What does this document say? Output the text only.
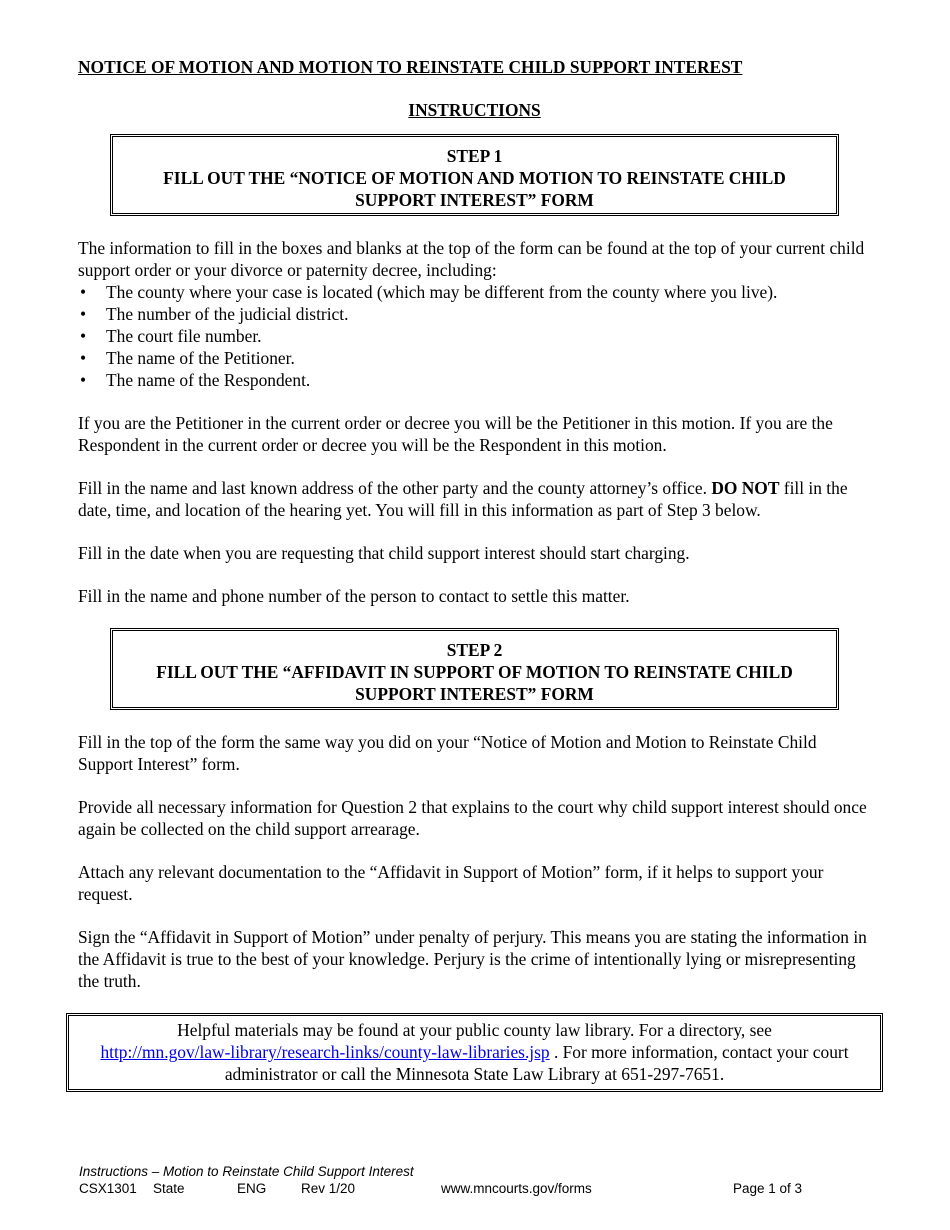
NOTICE OF MOTION AND MOTION TO REINSTATE CHILD SUPPORT INTEREST

INSTRUCTIONS

STEP 1
FILL OUT THE “NOTICE OF MOTION AND MOTION TO REINSTATE CHILD
SUPPORT INTEREST” FORM

The information to fill in the boxes and blanks at the top of the form can be found at the top of your current child support order or your divorce or paternity decree, including:

• The county where your case is located (which may be different from the county where you live).
• The number of the judicial district.
• The court file number.
• The name of the Petitioner.
• The name of the Respondent.

If you are the Petitioner in the current order or decree you will be the Petitioner in this motion. If you are the Respondent in the current order or decree you will be the Respondent in this motion.

Fill in the name and last known address of the other party and the county attorney’s office. DO NOT fill in the date, time, and location of the hearing yet. You will fill in this information as part of Step 3 below.

Fill in the date when you are requesting that child support interest should start charging.

Fill in the name and phone number of the person to contact to settle this matter.

STEP 2
FILL OUT THE “AFFIDAVIT IN SUPPORT OF MOTION TO REINSTATE CHILD
SUPPORT INTEREST” FORM

Fill in the top of the form the same way you did on your “Notice of Motion and Motion to Reinstate Child Support Interest” form.

Provide all necessary information for Question 2 that explains to the court why child support interest should once again be collected on the child support arrearage.

Attach any relevant documentation to the “Affidavit in Support of Motion” form, if it helps to support your request.

Sign the “Affidavit in Support of Motion” under penalty of perjury. This means you are stating the information in the Affidavit is true to the best of your knowledge. Perjury is the crime of intentionally lying or misrepresenting the truth.

Helpful materials may be found at your public county law library. For a directory, see
http://mn.gov/law-library/research-links/county-law-libraries.jsp . For more information, contact your court administrator or call the Minnesota State Law Library at 651-297-7651.
Instructions – Motion to Reinstate Child Support Interest
CSX1301 State	ENG	Rev 1/20	www.mncourts.gov/forms	Page 1 of 3
